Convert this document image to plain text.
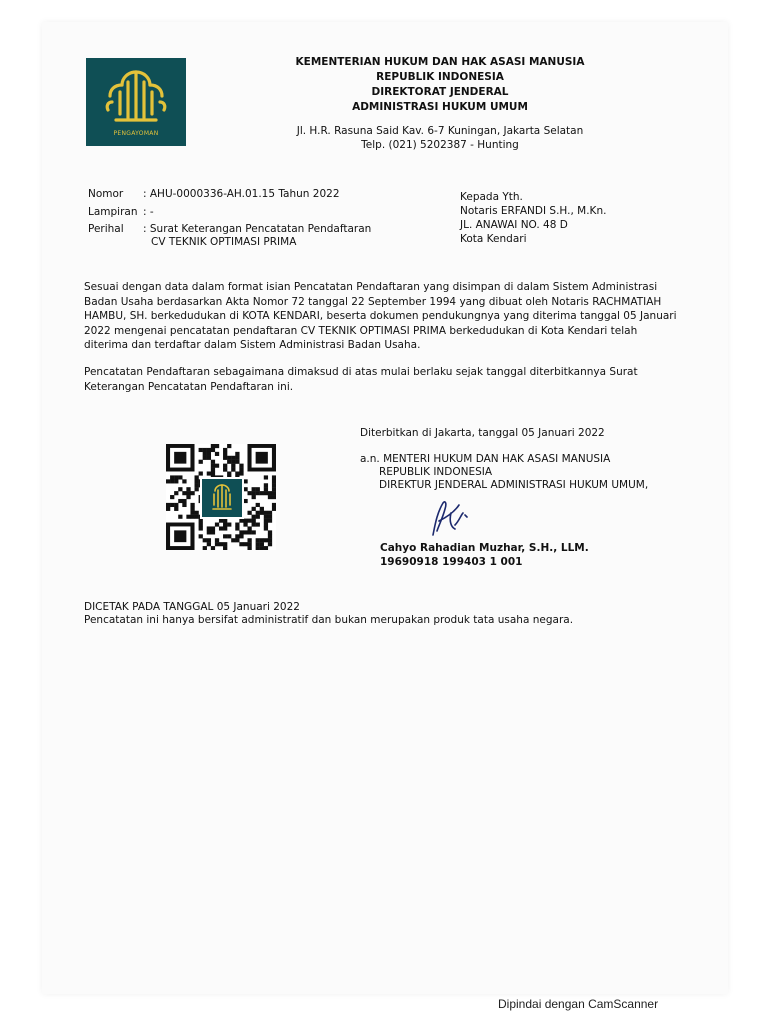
PENGAYOMAN
KEMENTERIAN HUKUM DAN HAK ASASI MANUSIA
REPUBLIK INDONESIA
DIREKTORAT JENDERAL
ADMINISTRASI HUKUM UMUM
Jl. H.R. Rasuna Said Kav. 6-7 Kuningan, Jakarta Selatan
Telp. (021) 5202387 - Hunting
Nomor : AHU-0000336-AH.01.15 Tahun 2022
Lampiran : -
Perihal : Surat Keterangan Pencatatan Pendaftaran
CV TEKNIK OPTIMASI PRIMA
Kepada Yth.
Notaris ERFANDI S.H., M.Kn.
JL. ANAWAI NO. 48 D
Kota Kendari
Sesuai dengan data dalam format isian Pencatatan Pendaftaran yang disimpan di dalam Sistem Administrasi Badan Usaha berdasarkan Akta Nomor 72 tanggal 22 September 1994 yang dibuat oleh Notaris RACHMATIAH HAMBU, SH. berkedudukan di KOTA KENDARI, beserta dokumen pendukungnya yang diterima tanggal 05 Januari 2022 mengenai pencatatan pendaftaran CV TEKNIK OPTIMASI PRIMA berkedudukan di Kota Kendari telah diterima dan terdaftar dalam Sistem Administrasi Badan Usaha.
Pencatatan Pendaftaran sebagaimana dimaksud di atas mulai berlaku sejak tanggal diterbitkannya Surat Keterangan Pencatatan Pendaftaran ini.
Diterbitkan di Jakarta, tanggal 05 Januari 2022
a.n. MENTERI HUKUM DAN HAK ASASI MANUSIA
REPUBLIK INDONESIA
DIREKTUR JENDERAL ADMINISTRASI HUKUM UMUM,
Cahyo Rahadian Muzhar, S.H., LLM.
19690918 199403 1 001
DICETAK PADA TANGGAL 05 Januari 2022
Pencatatan ini hanya bersifat administratif dan bukan merupakan produk tata usaha negara.
Dipindai dengan CamScanner
